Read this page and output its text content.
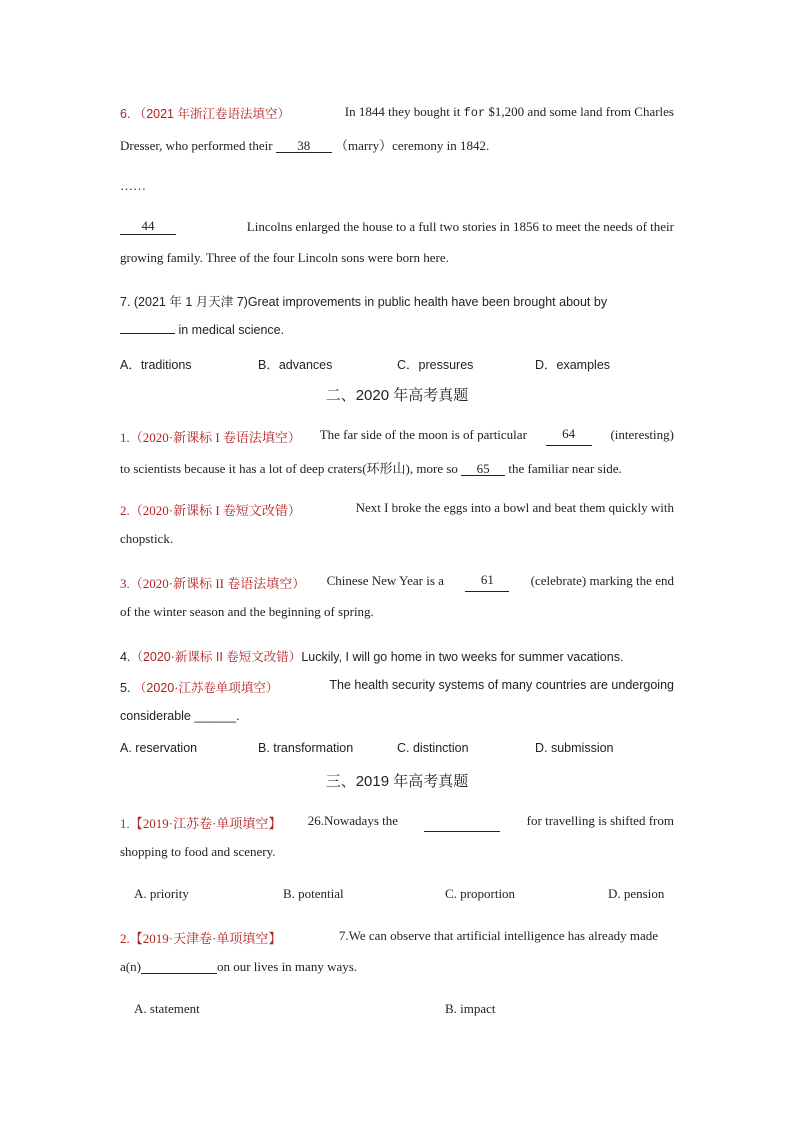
6. （2021 年浙江卷语法填空）	In 1844 they bought it for $1,200 and some land from Charles
Dresser, who performed their 38 （marry）ceremony in 1842.
……
44	Lincolns enlarged the house to a full two stories in 1856 to meet the needs of their
growing family. Three of the four Lincoln sons were born here.
7. (2021 年 1 月天津 7)Great improvements in public health have been brought about by
in medical science.
A．traditions	B．advances	C．pressures	D．examples
二、2020 年高考真题
1.（2020·新课标 I 卷语法填空） The far side of the moon is of particular	64	(interesting)
to scientists because it has a lot of deep craters(环形山), more so 65 the familiar near side.
2.（2020·新课标 I 卷短文改错）	Next I broke the eggs into a bowl and beat them quickly with
chopstick.
3.（2020·新课标 II 卷语法填空） Chinese New Year is a	61	(celebrate) marking the end
of the winter season and the beginning of spring.
4.（2020·新课标 II 卷短文改错）Luckily, I will go home in two weeks for summer vacations.
5. （2020·江苏卷单项填空）	The health security systems of many countries are undergoing
considerable ______.
A. reservation	B. transformation	C. distinction	D. submission
三、2019 年高考真题
1.【2019·江苏卷·单项填空】 26.Nowadays the
	for travelling is shifted from
shopping to food and scenery.
A. priority	B. potential	C. proportion	D. pension
2.【2019·天津卷·单项填空】	7.We can observe that artificial intelligence has already made
a(n)	on our lives in many ways.
A. statement	B. impact
